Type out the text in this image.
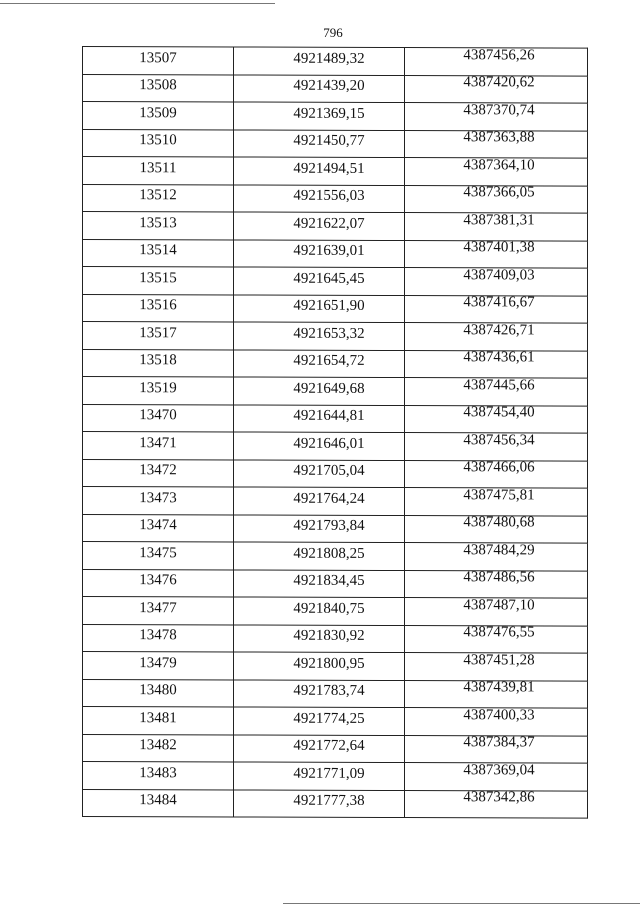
796
13507	4921489,32	4387456,26
13508	4921439,20	4387420,62
13509	4921369,15	4387370,74
13510	4921450,77	4387363,88
13511	4921494,51	4387364,10
13512	4921556,03	4387366,05
13513	4921622,07	4387381,31
13514	4921639,01	4387401,38
13515	4921645,45	4387409,03
13516	4921651,90	4387416,67
13517	4921653,32	4387426,71
13518	4921654,72	4387436,61
13519	4921649,68	4387445,66
13470	4921644,81	4387454,40
13471	4921646,01	4387456,34
13472	4921705,04	4387466,06
13473	4921764,24	4387475,81
13474	4921793,84	4387480,68
13475	4921808,25	4387484,29
13476	4921834,45	4387486,56
13477	4921840,75	4387487,10
13478	4921830,92	4387476,55
13479	4921800,95	4387451,28
13480	4921783,74	4387439,81
13481	4921774,25	4387400,33
13482	4921772,64	4387384,37
13483	4921771,09	4387369,04
13484	4921777,38	4387342,86
